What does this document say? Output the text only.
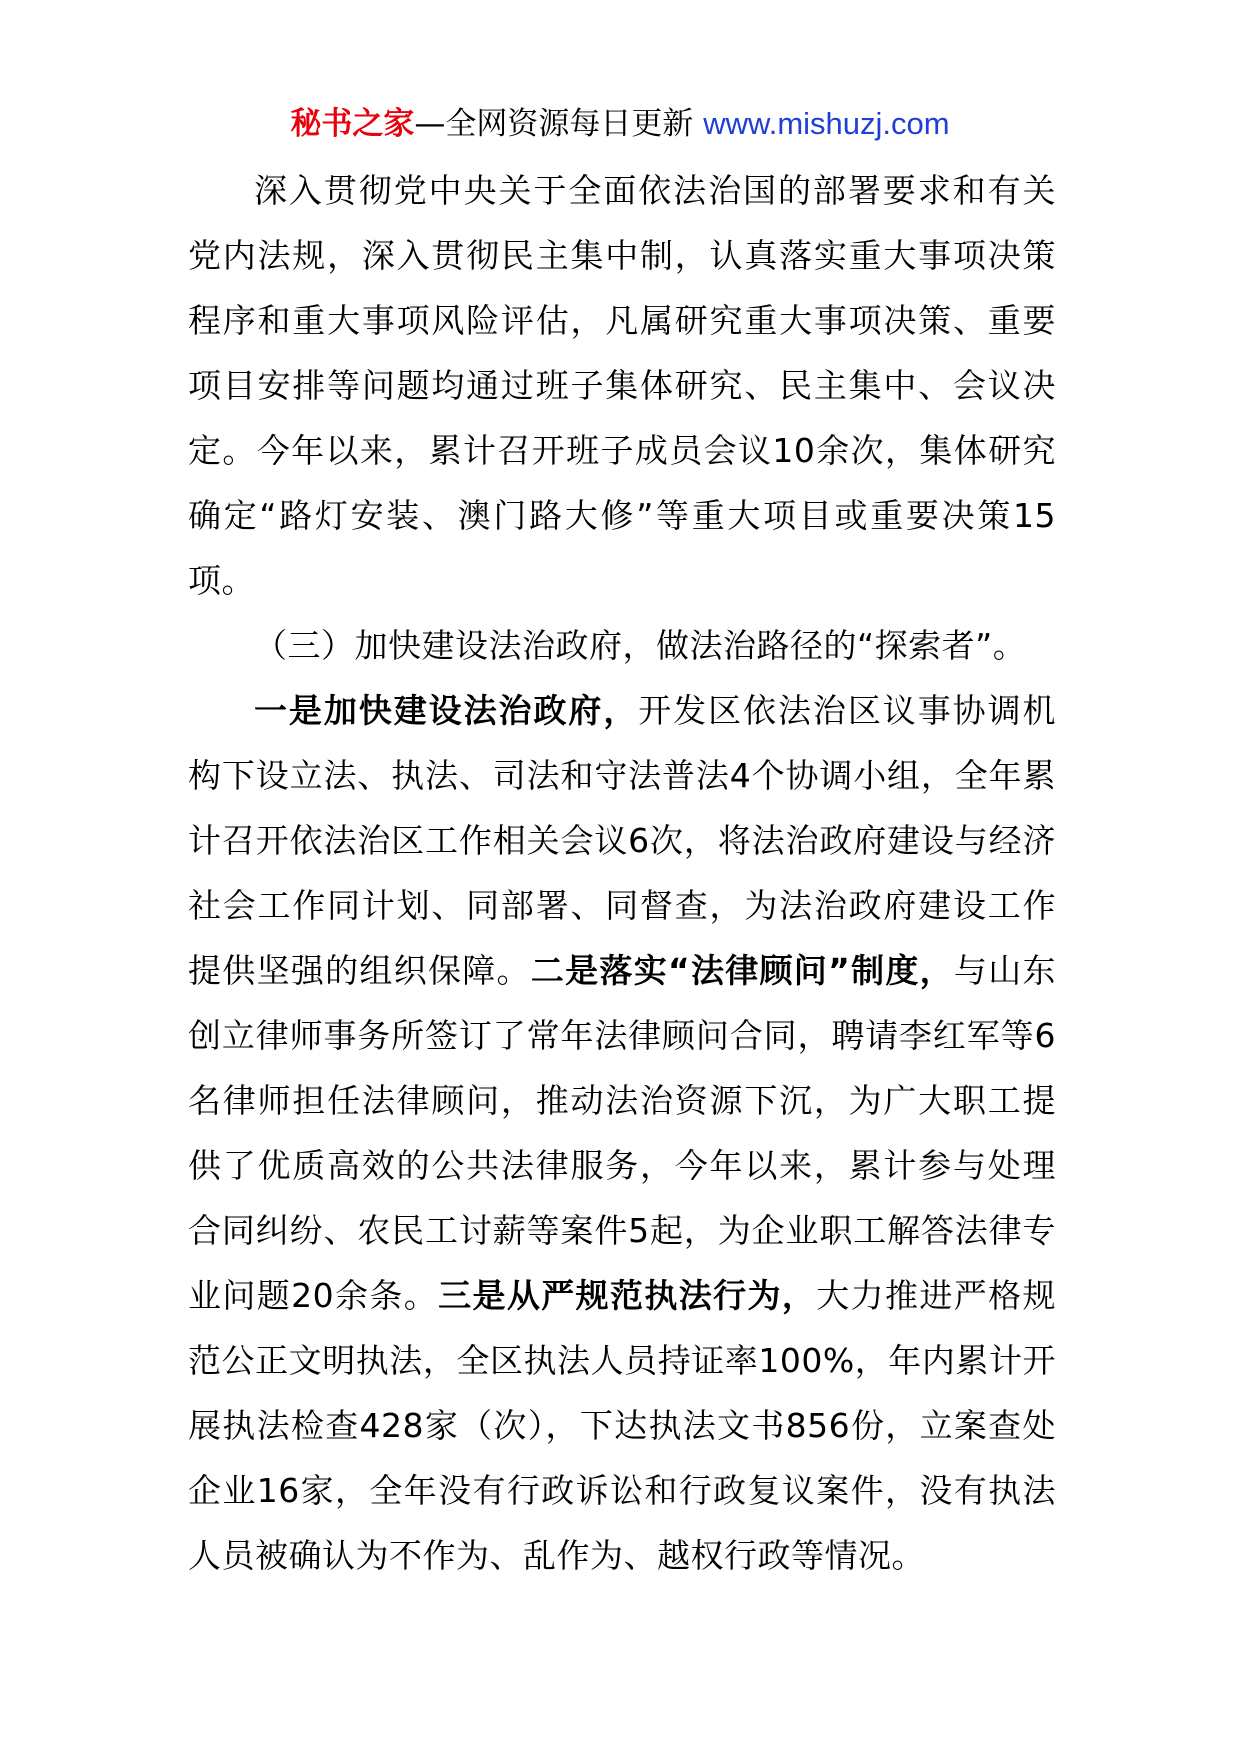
秘书之家—全网资源每日更新 www.mishuzj.com

深入贯彻党中央关于全面依法治国的部署要求和有关党内法规，深入贯彻民主集中制，认真落实重大事项决策程序和重大事项风险评估，凡属研究重大事项决策、重要项目安排等问题均通过班子集体研究、民主集中、会议决定。今年以来，累计召开班子成员会议10余次，集体研究确定“路灯安装、澳门路大修”等重大项目或重要决策15项。

（三）加快建设法治政府，做法治路径的“探索者”。

一是加快建设法治政府，开发区依法治区议事协调机构下设立法、执法、司法和守法普法4个协调小组，全年累计召开依法治区工作相关会议6次，将法治政府建设与经济社会工作同计划、同部署、同督查，为法治政府建设工作提供坚强的组织保障。二是落实“法律顾问”制度，与山东创立律师事务所签订了常年法律顾问合同，聘请李红军等6名律师担任法律顾问，推动法治资源下沉，为广大职工提供了优质高效的公共法律服务，今年以来，累计参与处理合同纠纷、农民工讨薪等案件5起，为企业职工解答法律专业问题20余条。三是从严规范执法行为，大力推进严格规范公正文明执法，全区执法人员持证率100%，年内累计开展执法检查428家（次），下达执法文书856份，立案查处企业16家，全年没有行政诉讼和行政复议案件，没有执法人员被确认为不作为、乱作为、越权行政等情况。
